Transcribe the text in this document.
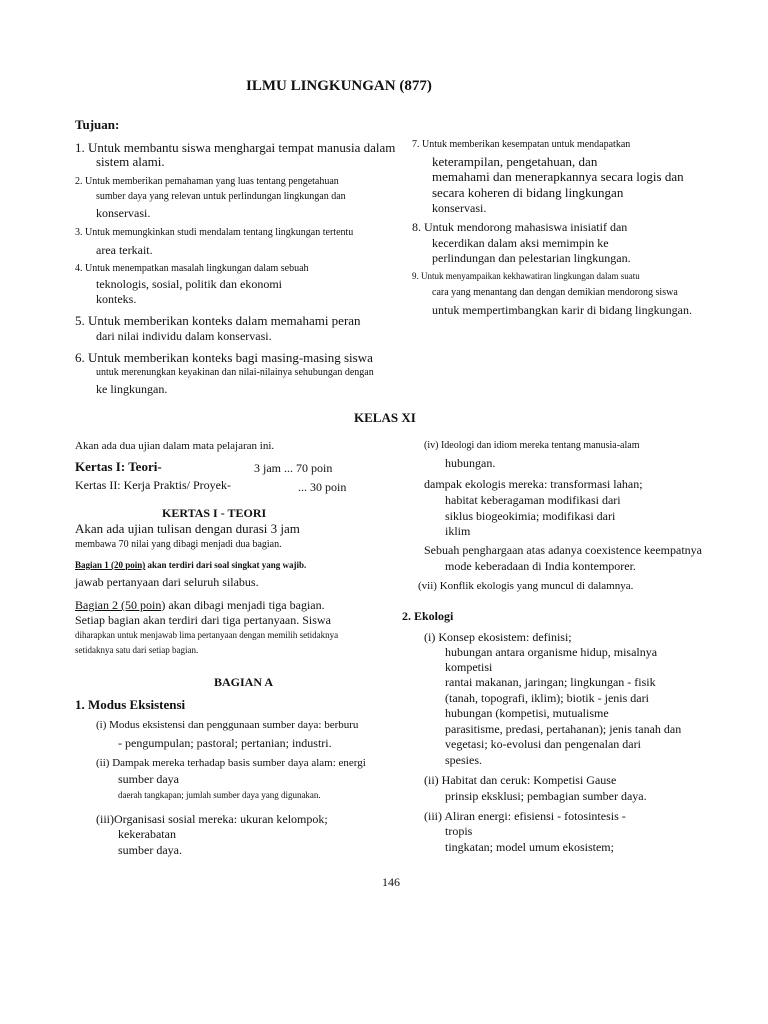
ILMU LINGKUNGAN (877)
Tujuan:
1. Untuk membantu siswa menghargai tempat manusia dalam
sistem alami.
2. Untuk memberikan pemahaman yang luas tentang pengetahuan
sumber daya yang relevan untuk perlindungan lingkungan dan
konservasi.
3. Untuk memungkinkan studi mendalam tentang lingkungan tertentu
area terkait.
4. Untuk menempatkan masalah lingkungan dalam sebuah
teknologis, sosial, politik dan ekonomi
konteks.
5. Untuk memberikan konteks dalam memahami peran
dari nilai individu dalam konservasi.
6. Untuk memberikan konteks bagi masing-masing siswa
untuk merenungkan keyakinan dan nilai-nilainya sehubungan dengan
ke lingkungan.
7. Untuk memberikan kesempatan untuk mendapatkan
keterampilan, pengetahuan, dan
memahami dan menerapkannya secara logis dan
secara koheren di bidang lingkungan
konservasi.
8. Untuk mendorong mahasiswa inisiatif dan
kecerdikan dalam aksi memimpin ke
perlindungan dan pelestarian lingkungan.
9. Untuk menyampaikan kekhawatiran lingkungan dalam suatu
cara yang menantang dan dengan demikian mendorong siswa
untuk mempertimbangkan karir di bidang lingkungan.
KELAS XI
Akan ada dua ujian dalam mata pelajaran ini.
Kertas I: Teori-	3 jam ... 70 poin
Kertas II: Kerja Praktis/ Proyek-	... 30 poin
KERTAS I - TEORI
Akan ada ujian tulisan dengan durasi 3 jam
membawa 70 nilai yang dibagi menjadi dua bagian.
Bagian 1 (20 poin) akan terdiri dari soal singkat yang wajib.
jawab pertanyaan dari seluruh silabus.
Bagian 2 (50 poin) akan dibagi menjadi tiga bagian.
Setiap bagian akan terdiri dari tiga pertanyaan. Siswa
diharapkan untuk menjawab lima pertanyaan dengan memilih setidaknya
setidaknya satu dari setiap bagian.
BAGIAN A
1. Modus Eksistensi
(i) Modus eksistensi dan penggunaan sumber daya: berburu
- pengumpulan; pastoral; pertanian; industri.
(ii) Dampak mereka terhadap basis sumber daya alam: energi
sumber daya
daerah tangkapan; jumlah sumber daya yang digunakan.
(iii)Organisasi sosial mereka: ukuran kelompok;
kekerabatan
sumber daya.
(iv) Ideologi dan idiom mereka tentang manusia-alam
hubungan.
dampak ekologis mereka: transformasi lahan;
habitat keberagaman modifikasi dari
siklus biogeokimia; modifikasi dari
iklim
Sebuah penghargaan atas adanya coexistence keempatnya
mode keberadaan di India kontemporer.
(vii) Konflik ekologis yang muncul di dalamnya.
2. Ekologi
(i) Konsep ekosistem: definisi;
hubungan antara organisme hidup, misalnya
kompetisi
rantai makanan, jaringan; lingkungan - fisik
(tanah, topografi, iklim); biotik - jenis dari
hubungan (kompetisi, mutualisme
parasitisme, predasi, pertahanan); jenis tanah dan
vegetasi; ko-evolusi dan pengenalan dari
spesies.
(ii) Habitat dan ceruk: Kompetisi Gause
prinsip eksklusi; pembagian sumber daya.
(iii) Aliran energi: efisiensi - fotosintesis -
tropis
tingkatan; model umum ekosistem;
146
